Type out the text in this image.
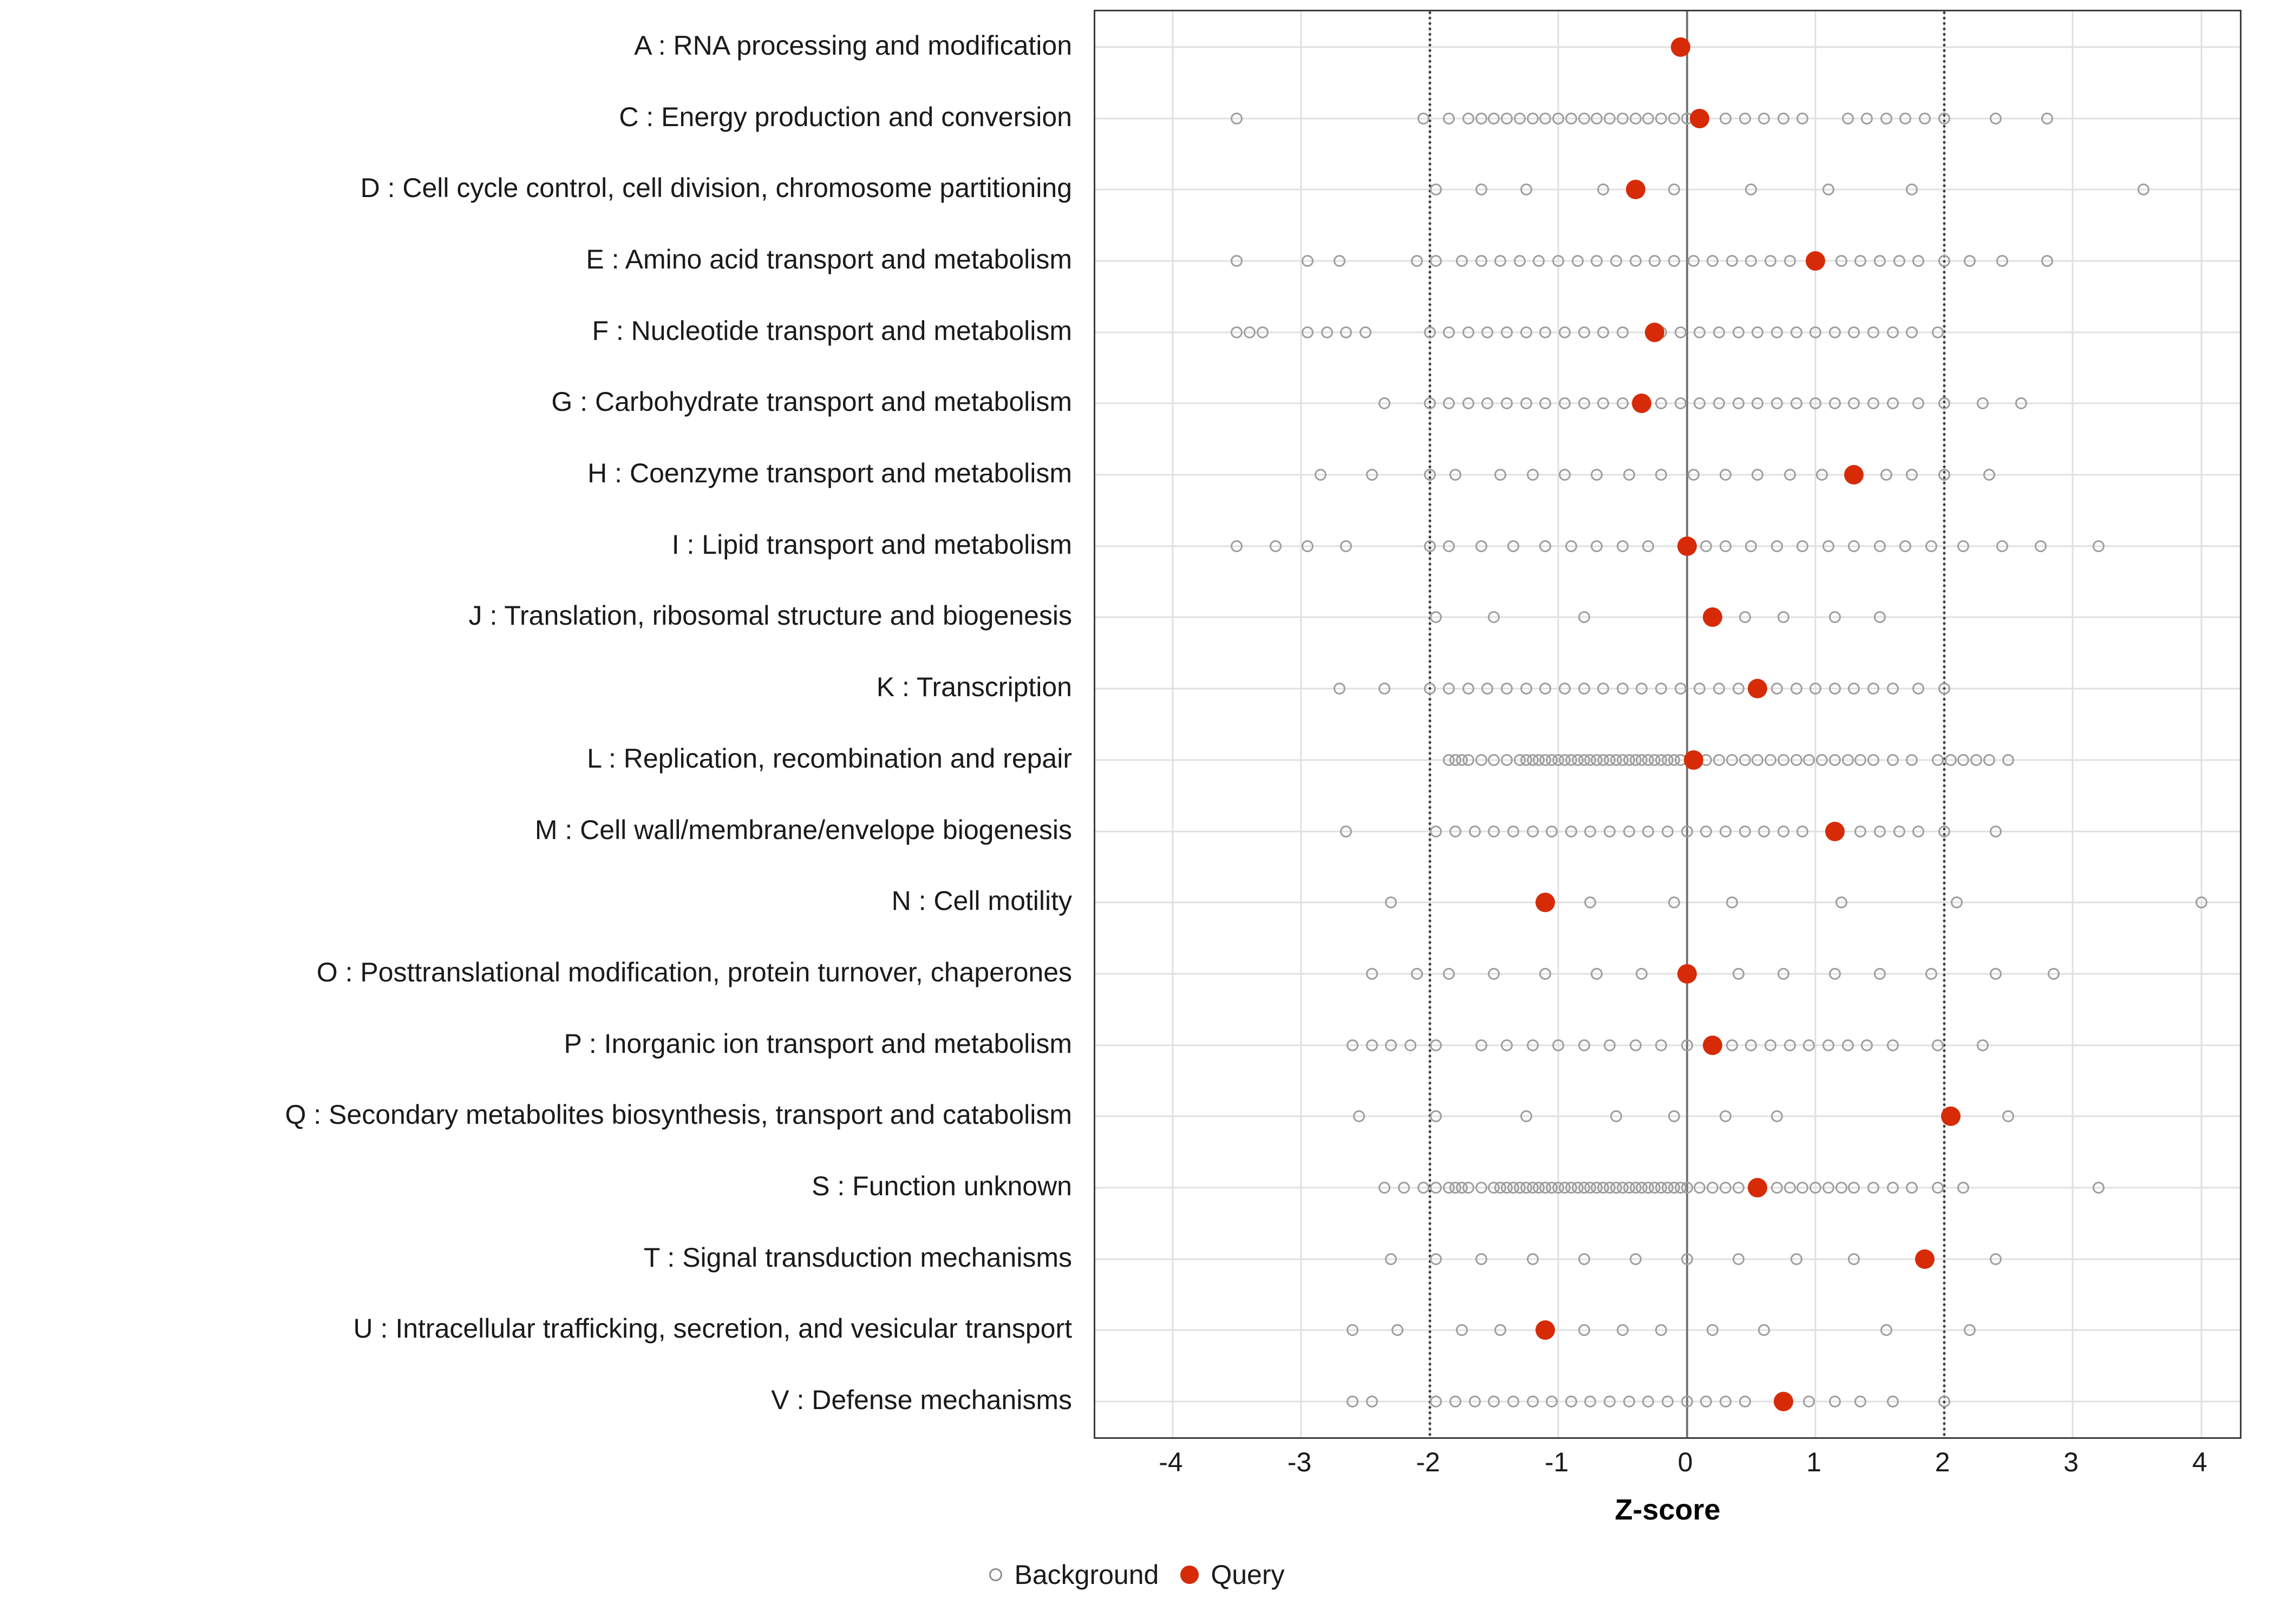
A : RNA processing and modification
C : Energy production and conversion
D : Cell cycle control, cell division, chromosome partitioning
E : Amino acid transport and metabolism
F : Nucleotide transport and metabolism
G : Carbohydrate transport and metabolism
H : Coenzyme transport and metabolism
I : Lipid transport and metabolism
J : Translation, ribosomal structure and biogenesis
K : Transcription
L : Replication, recombination and repair
M : Cell wall/membrane/envelope biogenesis
N : Cell motility
O : Posttranslational modification, protein turnover, chaperones
P : Inorganic ion transport and metabolism
Q : Secondary metabolites biosynthesis, transport and catabolism
S : Function unknown
T : Signal transduction mechanisms
U : Intracellular trafficking, secretion, and vesicular transport
V : Defense mechanisms
-4	-3	-2	-1	0	1	2	3	4
Z-score
Background Query
